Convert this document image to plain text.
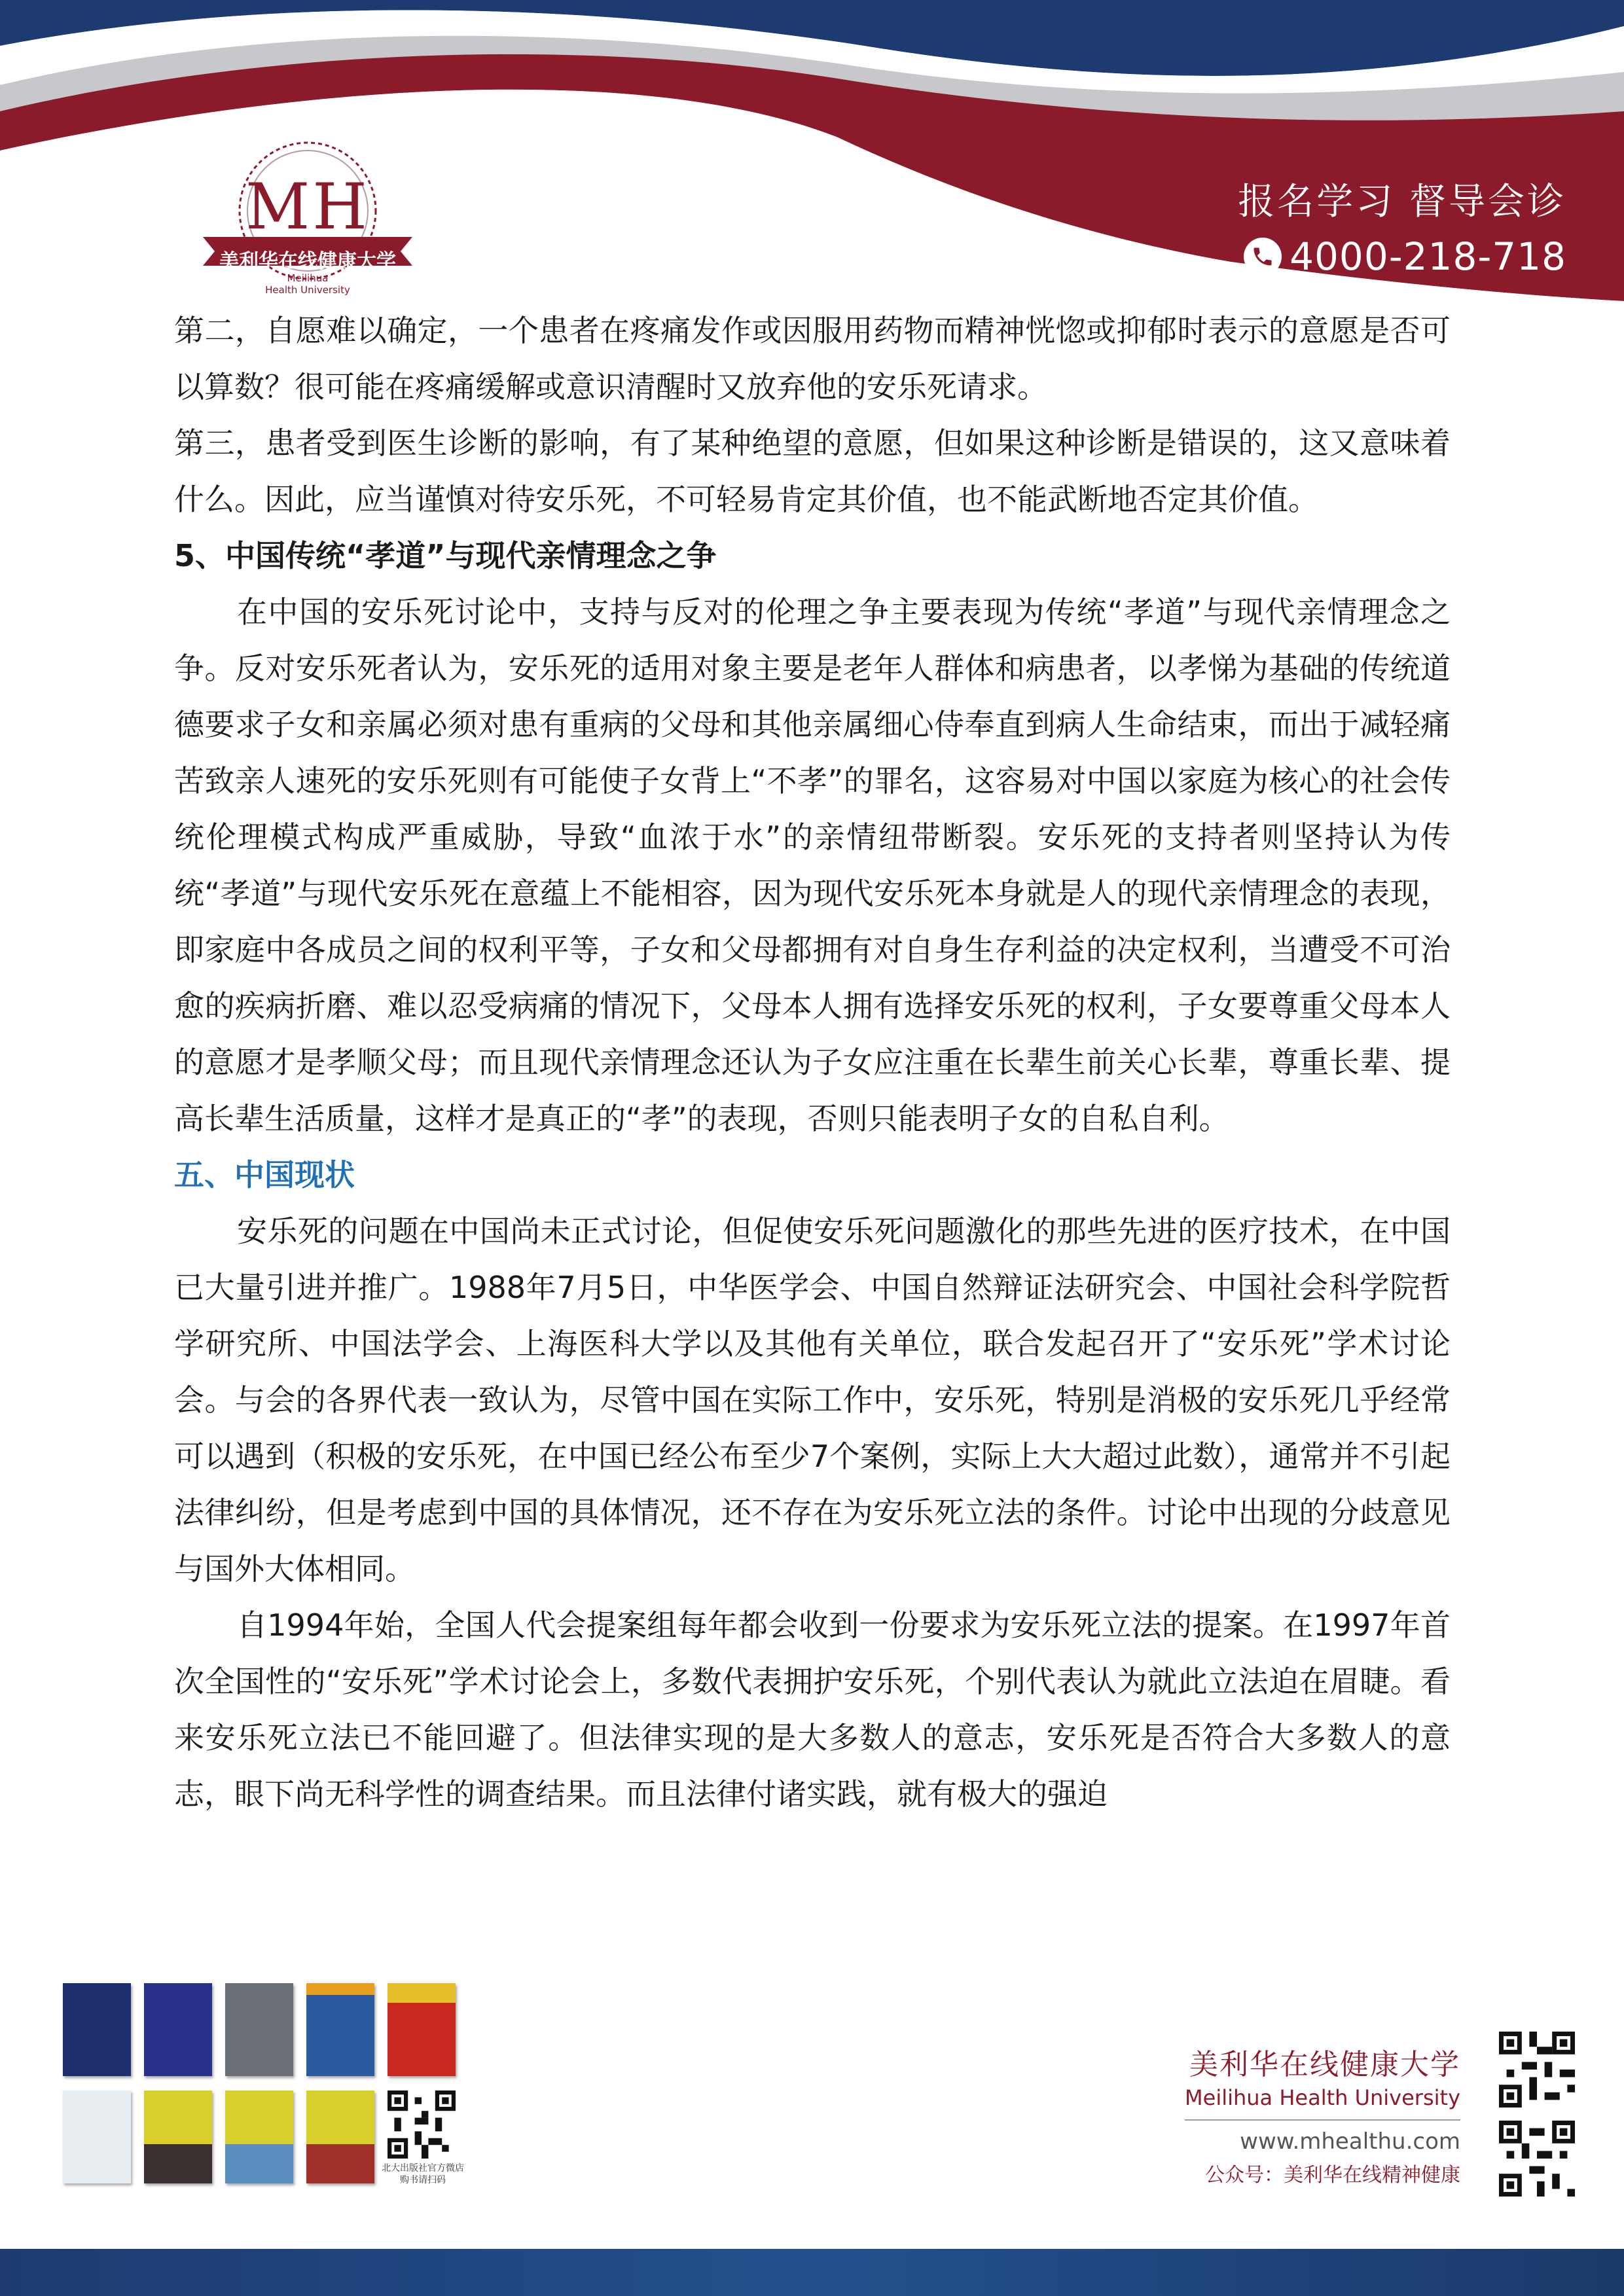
MH
美利华在线健康大学
Meilihua
Health University
报名学习 督导会诊
4000-218-718

第二，自愿难以确定，一个患者在疼痛发作或因服用药物而精神恍惚或抑郁时表示的意愿是否可以算数？很可能在疼痛缓解或意识清醒时又放弃他的安乐死请求。

第三，患者受到医生诊断的影响，有了某种绝望的意愿，但如果这种诊断是错误的，这又意味着什么。因此，应当谨慎对待安乐死，不可轻易肯定其价值，也不能武断地否定其价值。

5、中国传统“孝道”与现代亲情理念之争

在中国的安乐死讨论中，支持与反对的伦理之争主要表现为传统“孝道”与现代亲情理念之争。反对安乐死者认为，安乐死的适用对象主要是老年人群体和病患者，以孝悌为基础的传统道德要求子女和亲属必须对患有重病的父母和其他亲属细心侍奉直到病人生命结束，而出于减轻痛苦致亲人速死的安乐死则有可能使子女背上“不孝”的罪名，这容易对中国以家庭为核心的社会传统伦理模式构成严重威胁，导致“血浓于水”的亲情纽带断裂。安乐死的支持者则坚持认为传统“孝道”与现代安乐死在意蕴上不能相容，因为现代安乐死本身就是人的现代亲情理念的表现，即家庭中各成员之间的权利平等，子女和父母都拥有对自身生存利益的决定权利，当遭受不可治愈的疾病折磨、难以忍受病痛的情况下，父母本人拥有选择安乐死的权利，子女要尊重父母本人的意愿才是孝顺父母；而且现代亲情理念还认为子女应注重在长辈生前关心长辈，尊重长辈、提高长辈生活质量，这样才是真正的“孝”的表现，否则只能表明子女的自私自利。

五、中国现状

安乐死的问题在中国尚未正式讨论，但促使安乐死问题激化的那些先进的医疗技术，在中国已大量引进并推广。1988年7月5日，中华医学会、中国自然辩证法研究会、中国社会科学院哲学研究所、中国法学会、上海医科大学以及其他有关单位，联合发起召开了“安乐死”学术讨论会。与会的各界代表一致认为，尽管中国在实际工作中，安乐死，特别是消极的安乐死几乎经常可以遇到（积极的安乐死，在中国已经公布至少7个案例，实际上大大超过此数），通常并不引起法律纠纷，但是考虑到中国的具体情况，还不存在为安乐死立法的条件。讨论中出现的分歧意见与国外大体相同。

自1994年始，全国人代会提案组每年都会收到一份要求为安乐死立法的提案。在1997年首次全国性的“安乐死”学术讨论会上，多数代表拥护安乐死，个别代表认为就此立法迫在眉睫。看来安乐死立法已不能回避了。但法律实现的是大多数人的意志，安乐死是否符合大多数人的意志，眼下尚无科学性的调查结果。而且法律付诸实践，就有极大的强迫

北大出版社官方微店
购书请扫码
美利华在线健康大学
Meilihua Health University
www.mhealthu.com
公众号：美利华在线精神健康
